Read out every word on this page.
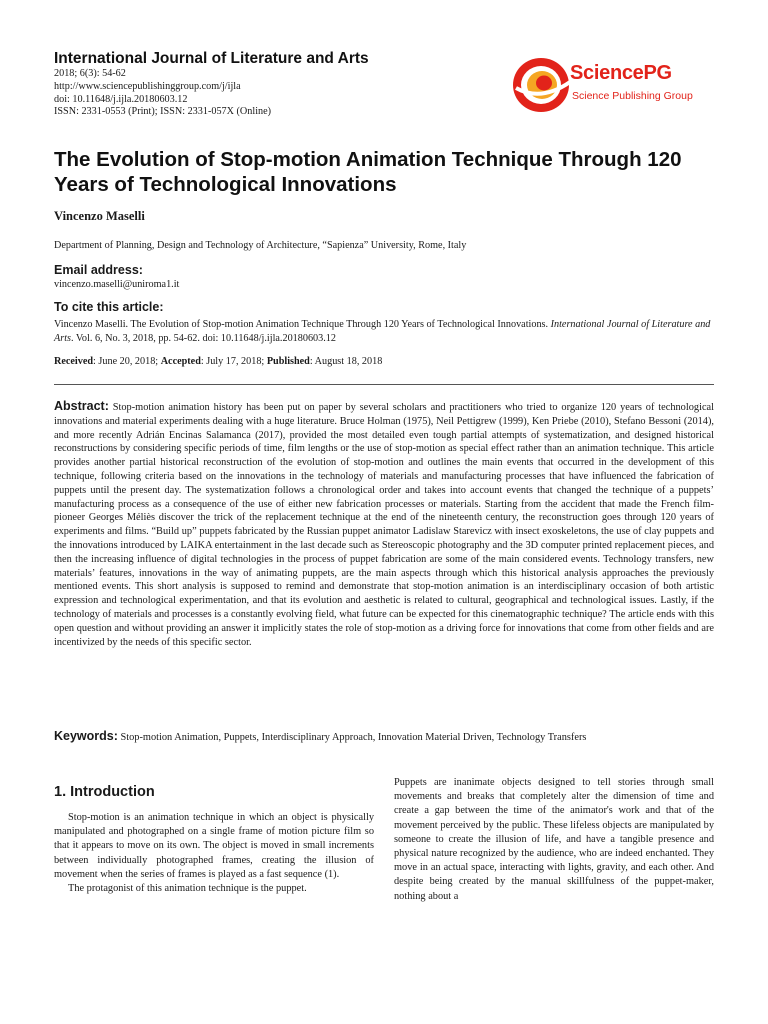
International Journal of Literature and Arts

2018; 6(3): 54-62

http://www.sciencepublishinggroup.com/j/ijla

doi: 10.11648/j.ijla.20180603.12

ISSN: 2331-0553 (Print); ISSN: 2331-057X (Online)

SciencePG
Science Publishing Group
The Evolution of Stop-motion Animation Technique Through 120 Years of Technological Innovations

Vincenzo Maselli

Department of Planning, Design and Technology of Architecture, “Sapienza” University, Rome, Italy

Email address:

vincenzo.maselli@uniroma1.it

To cite this article:

Vincenzo Maselli. The Evolution of Stop-motion Animation Technique Through 120 Years of Technological Innovations. International Journal of Literature and Arts. Vol. 6, No. 3, 2018, pp. 54-62. doi: 10.11648/j.ijla.20180603.12

Received: June 20, 2018; Accepted: July 17, 2018; Published: August 18, 2018

Abstract: Stop-motion animation history has been put on paper by several scholars and practitioners who tried to organize 120 years of technological innovations and material experiments dealing with a huge literature. Bruce Holman (1975), Neil Pettigrew (1999), Ken Priebe (2010), Stefano Bessoni (2014), and more recently Adrián Encinas Salamanca (2017), provided the most detailed even tough partial attempts of systematization, and designed historical reconstructions by considering specific periods of time, film lengths or the use of stop-motion as special effect rather than an animation technique. This article provides another partial historical reconstruction of the evolution of stop-motion and outlines the main events that occurred in the development of this technique, following criteria based on the innovations in the technology of materials and manufacturing processes that have influenced the fabrication of puppets until the present day. The systematization follows a chronological order and takes into account events that changed the technique of a puppets’ manufacturing process as a consequence of the use of either new fabrication processes or materials. Starting from the accident that made the French film-pioneer Georges Méliès discover the trick of the replacement technique at the end of the nineteenth century, the reconstruction goes through 120 years of experiments and films. “Build up” puppets fabricated by the Russian puppet animator Ladislaw Starevicz with insect exoskeletons, the use of clay puppets and the innovations introduced by LAIKA entertainment in the last decade such as Stereoscopic photography and the 3D computer printed replacement pieces, and then the increasing influence of digital technologies in the process of puppet fabrication are some of the main considered events. Technology transfers, new materials’ features, innovations in the way of animating puppets, are the main aspects through which this historical analysis approaches the previously mentioned events. This short analysis is supposed to remind and demonstrate that stop-motion animation is an interdisciplinary occasion of both artistic expression and technological experimentation, and that its evolution and aesthetic is related to cultural, geographical and technological issues. Lastly, if the technology of materials and processes is a constantly evolving field, what future can be expected for this cinematographic technique? The article ends with this open question and without providing an answer it implicitly states the role of stop-motion as a driving force for innovations that come from other fields and are incentivized by the needs of this specific sector.

Keywords: Stop-motion Animation, Puppets, Interdisciplinary Approach, Innovation Material Driven, Technology Transfers

1. Introduction

Stop-motion is an animation technique in which an object is physically manipulated and photographed on a single frame of motion picture film so that it appears to move on its own. The object is moved in small increments between individually photographed frames, creating the illusion of movement when the series of frames is played as a fast sequence (1).

The protagonist of this animation technique is the puppet.

Puppets are inanimate objects designed to tell stories through small movements and breaks that completely alter the dimension of time and create a gap between the time of the animator's work and that of the movement perceived by the public. These lifeless objects are manipulated by someone to create the illusion of life, and have a tangible presence and physical nature recognized by the audience, who are indeed enchanted. They move in an actual space, interacting with lights, gravity, and each other. And despite being created by the manual skillfulness of the puppet-maker, nothing about a
